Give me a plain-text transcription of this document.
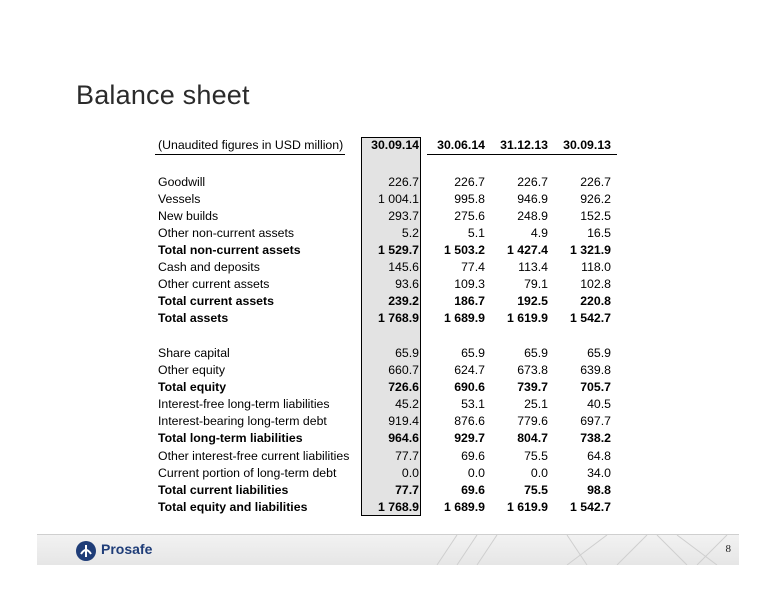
Balance sheet
(Unaudited figures in USD million)	30.09.14	30.06.14	31.12.13	30.09.13
Goodwill	226.7	226.7	226.7	226.7
Vessels	1 004.1	995.8	946.9	926.2
New builds	293.7	275.6	248.9	152.5
Other non-current assets	5.2	5.1	4.9	16.5
Total non-current assets	1 529.7	1 503.2	1 427.4	1 321.9
Cash and deposits	145.6	77.4	113.4	118.0
Other current assets	93.6	109.3	79.1	102.8
Total current assets	239.2	186.7	192.5	220.8
Total assets	1 768.9	1 689.9	1 619.9	1 542.7
Share capital	65.9	65.9	65.9	65.9
Other equity	660.7	624.7	673.8	639.8
Total equity	726.6	690.6	739.7	705.7
Interest-free long-term liabilities	45.2	53.1	25.1	40.5
Interest-bearing long-term debt	919.4	876.6	779.6	697.7
Total long-term liabilities	964.6	929.7	804.7	738.2
Other interest-free current liabilities	77.7	69.6	75.5	64.8
Current portion of long-term debt	0.0	0.0	0.0	34.0
Total current liabilities	77.7	69.6	75.5	98.8
Total equity and liabilities	1 768.9	1 689.9	1 619.9	1 542.7
Prosafe	8
